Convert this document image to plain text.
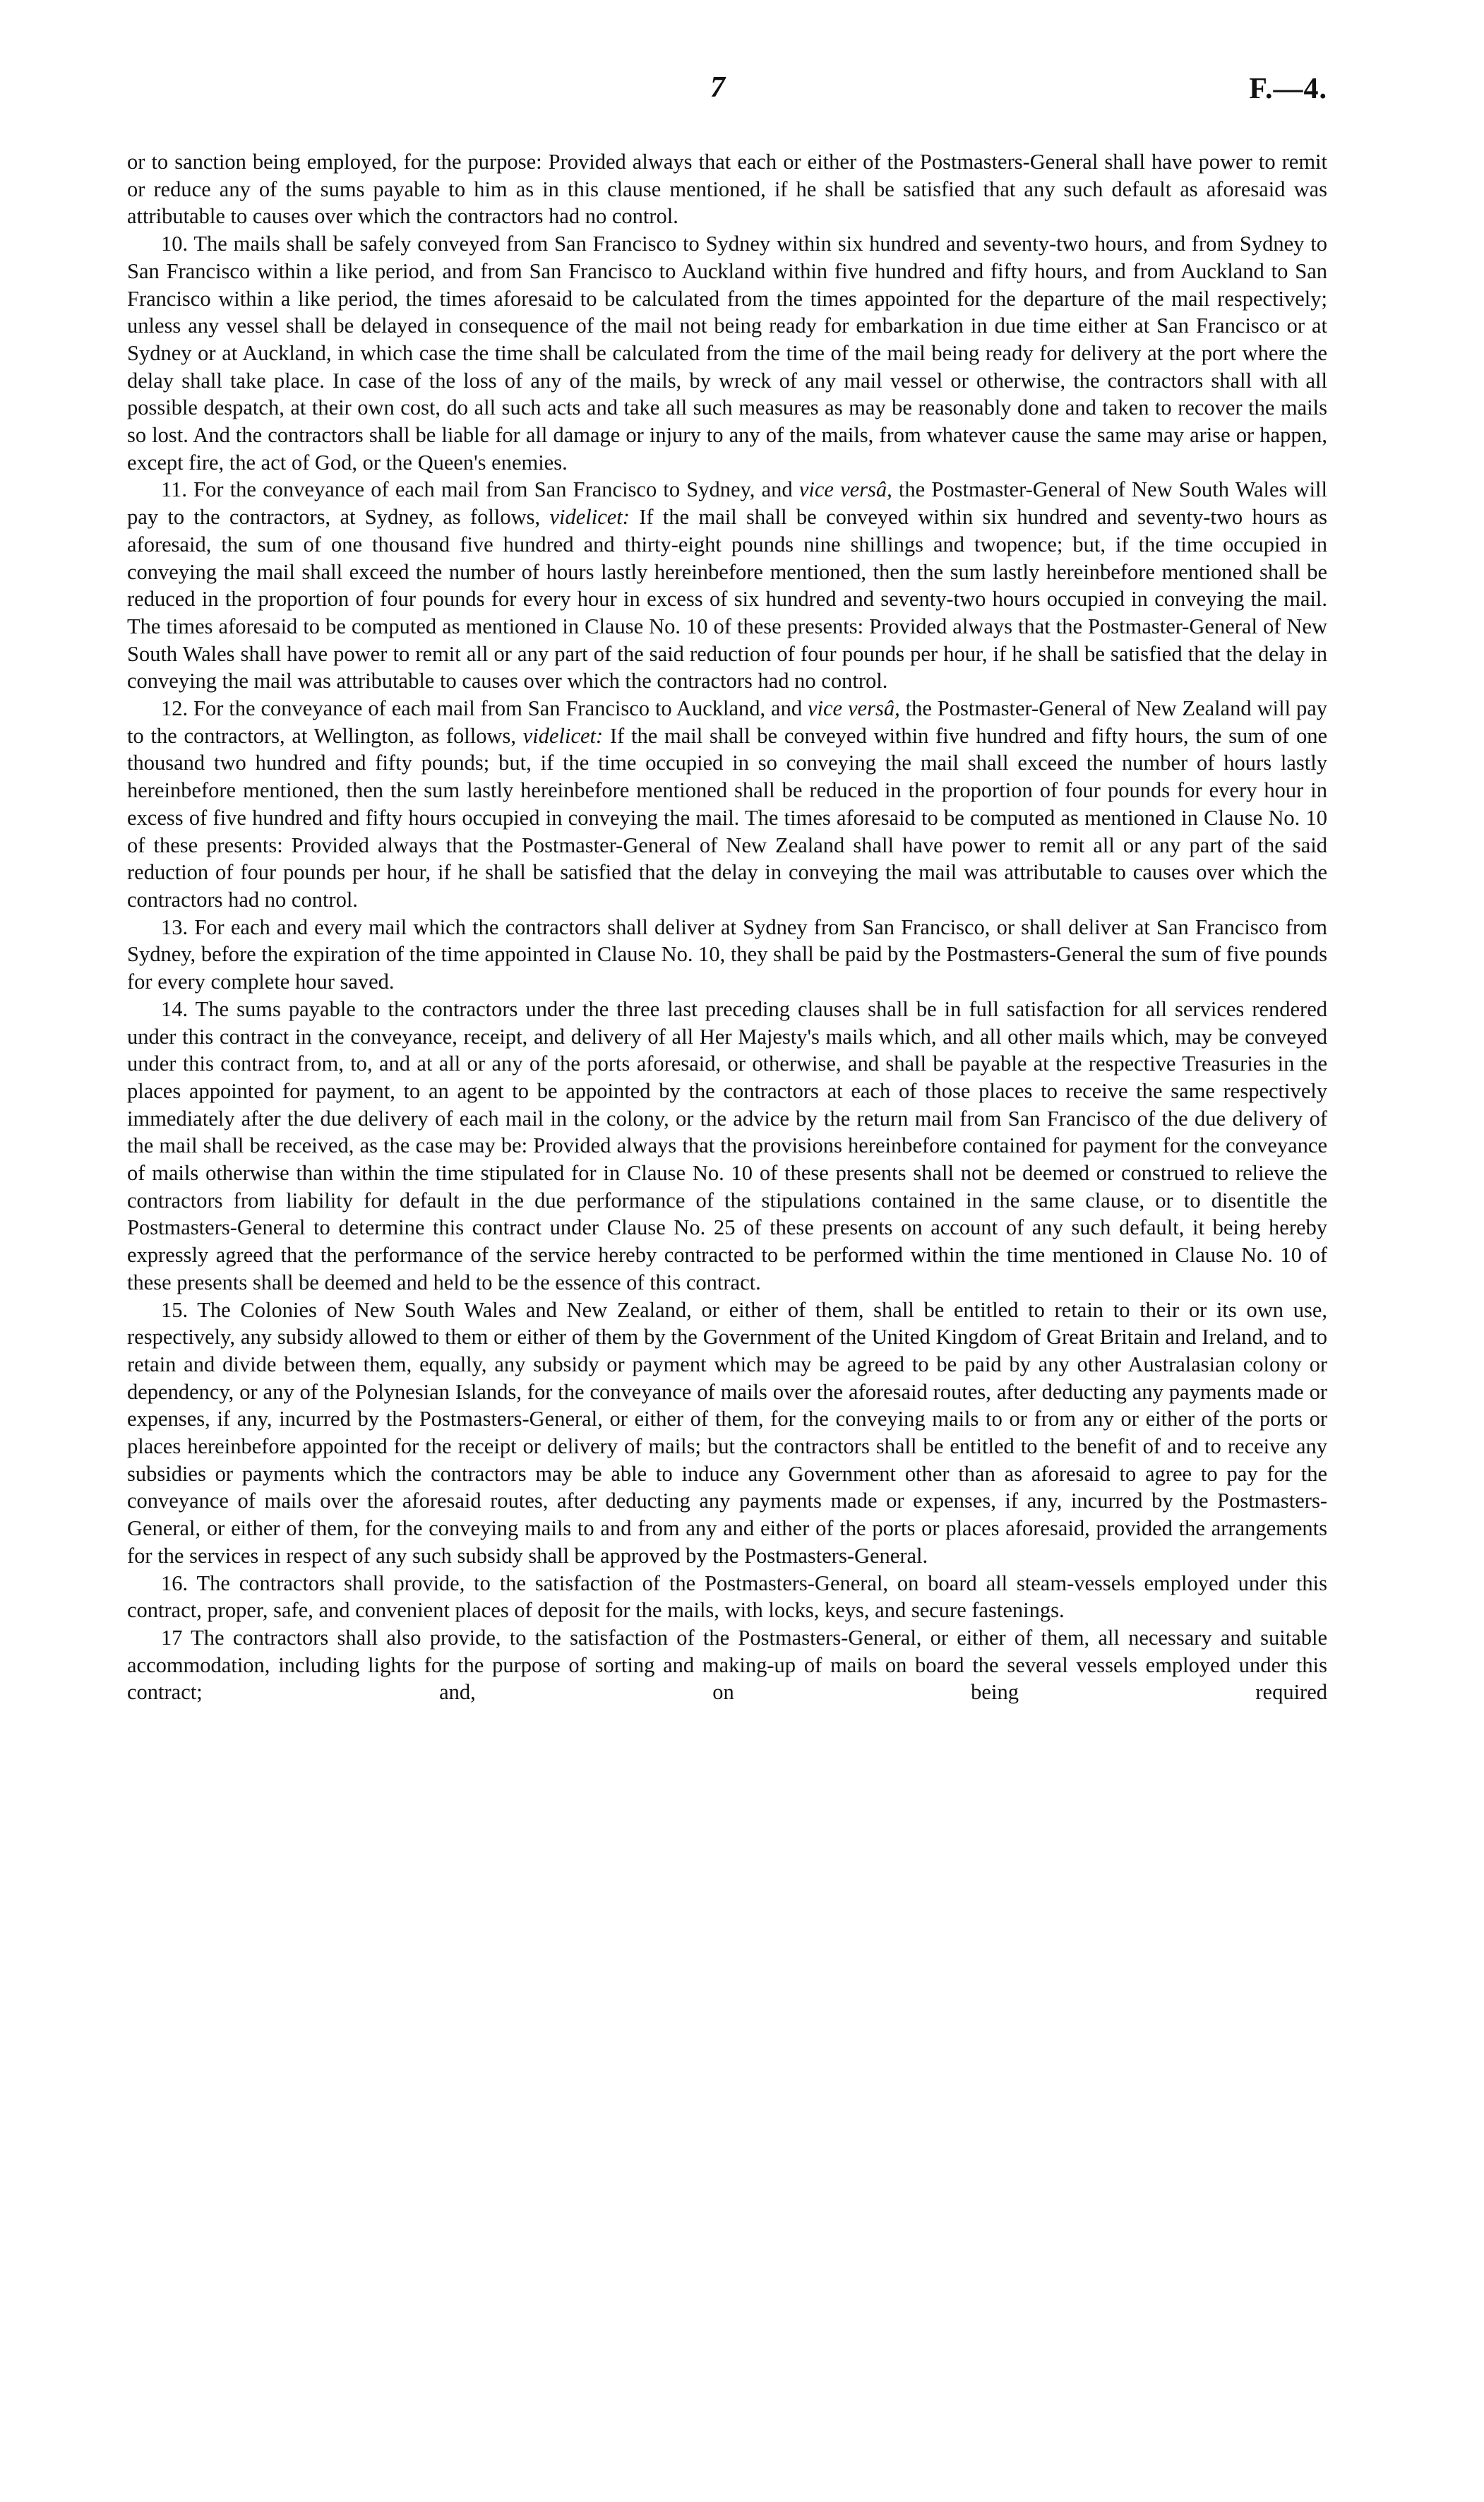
7	F.—4.

or to sanction being employed, for the purpose: Provided always that each or either of the Postmasters-General shall have power to remit or reduce any of the sums payable to him as in this clause mentioned, if he shall be satisfied that any such default as aforesaid was attributable to causes over which the contractors had no control.

10. The mails shall be safely conveyed from San Francisco to Sydney within six hundred and seventy-two hours, and from Sydney to San Francisco within a like period, and from San Francisco to Auckland within five hundred and fifty hours, and from Auckland to San Francisco within a like period, the times aforesaid to be calculated from the times appointed for the departure of the mail respectively; unless any vessel shall be delayed in consequence of the mail not being ready for embarkation in due time either at San Francisco or at Sydney or at Auckland, in which case the time shall be calculated from the time of the mail being ready for delivery at the port where the delay shall take place. In case of the loss of any of the mails, by wreck of any mail vessel or otherwise, the contractors shall with all possible despatch, at their own cost, do all such acts and take all such measures as may be reasonably done and taken to recover the mails so lost. And the contractors shall be liable for all damage or injury to any of the mails, from whatever cause the same may arise or happen, except fire, the act of God, or the Queen's enemies.

11. For the conveyance of each mail from San Francisco to Sydney, and vice versâ, the Postmaster-General of New South Wales will pay to the contractors, at Sydney, as follows, videlicet: If the mail shall be conveyed within six hundred and seventy-two hours as aforesaid, the sum of one thousand five hundred and thirty-eight pounds nine shillings and twopence; but, if the time occupied in conveying the mail shall exceed the number of hours lastly hereinbefore mentioned, then the sum lastly hereinbefore mentioned shall be reduced in the proportion of four pounds for every hour in excess of six hundred and seventy-two hours occupied in conveying the mail. The times aforesaid to be computed as mentioned in Clause No. 10 of these presents: Provided always that the Postmaster-General of New South Wales shall have power to remit all or any part of the said reduction of four pounds per hour, if he shall be satisfied that the delay in conveying the mail was attributable to causes over which the contractors had no control.

12. For the conveyance of each mail from San Francisco to Auckland, and vice versâ, the Postmaster-General of New Zealand will pay to the contractors, at Wellington, as follows, videlicet: If the mail shall be conveyed within five hundred and fifty hours, the sum of one thousand two hundred and fifty pounds; but, if the time occupied in so conveying the mail shall exceed the number of hours lastly hereinbefore mentioned, then the sum lastly hereinbefore mentioned shall be reduced in the proportion of four pounds for every hour in excess of five hundred and fifty hours occupied in conveying the mail. The times aforesaid to be computed as mentioned in Clause No. 10 of these presents: Provided always that the Postmaster-General of New Zealand shall have power to remit all or any part of the said reduction of four pounds per hour, if he shall be satisfied that the delay in conveying the mail was attributable to causes over which the contractors had no control.

13. For each and every mail which the contractors shall deliver at Sydney from San Francisco, or shall deliver at San Francisco from Sydney, before the expiration of the time appointed in Clause No. 10, they shall be paid by the Postmasters-General the sum of five pounds for every complete hour saved.

14. The sums payable to the contractors under the three last preceding clauses shall be in full satisfaction for all services rendered under this contract in the conveyance, receipt, and delivery of all Her Majesty's mails which, and all other mails which, may be conveyed under this contract from, to, and at all or any of the ports aforesaid, or otherwise, and shall be payable at the respective Treasuries in the places appointed for payment, to an agent to be appointed by the contractors at each of those places to receive the same respectively immediately after the due delivery of each mail in the colony, or the advice by the return mail from San Francisco of the due delivery of the mail shall be received, as the case may be: Provided always that the provisions hereinbefore contained for payment for the conveyance of mails otherwise than within the time stipulated for in Clause No. 10 of these presents shall not be deemed or construed to relieve the contractors from liability for default in the due performance of the stipulations contained in the same clause, or to disentitle the Postmasters-General to determine this contract under Clause No. 25 of these presents on account of any such default, it being hereby expressly agreed that the performance of the service hereby contracted to be performed within the time mentioned in Clause No. 10 of these presents shall be deemed and held to be the essence of this contract.

15. The Colonies of New South Wales and New Zealand, or either of them, shall be entitled to retain to their or its own use, respectively, any subsidy allowed to them or either of them by the Government of the United Kingdom of Great Britain and Ireland, and to retain and divide between them, equally, any subsidy or payment which may be agreed to be paid by any other Australasian colony or dependency, or any of the Polynesian Islands, for the conveyance of mails over the aforesaid routes, after deducting any payments made or expenses, if any, incurred by the Postmasters-General, or either of them, for the conveying mails to or from any or either of the ports or places hereinbefore appointed for the receipt or delivery of mails; but the contractors shall be entitled to the benefit of and to receive any subsidies or payments which the contractors may be able to induce any Government other than as aforesaid to agree to pay for the conveyance of mails over the aforesaid routes, after deducting any payments made or expenses, if any, incurred by the Postmasters-General, or either of them, for the conveying mails to and from any and either of the ports or places aforesaid, provided the arrangements for the services in respect of any such subsidy shall be approved by the Postmasters-General.

16. The contractors shall provide, to the satisfaction of the Postmasters-General, on board all steam-vessels employed under this contract, proper, safe, and convenient places of deposit for the mails, with locks, keys, and secure fastenings.

17 The contractors shall also provide, to the satisfaction of the Postmasters-General, or either of them, all necessary and suitable accommodation, including lights for the purpose of sorting and making-up of mails on board the several vessels employed under this contract; and, on being required
